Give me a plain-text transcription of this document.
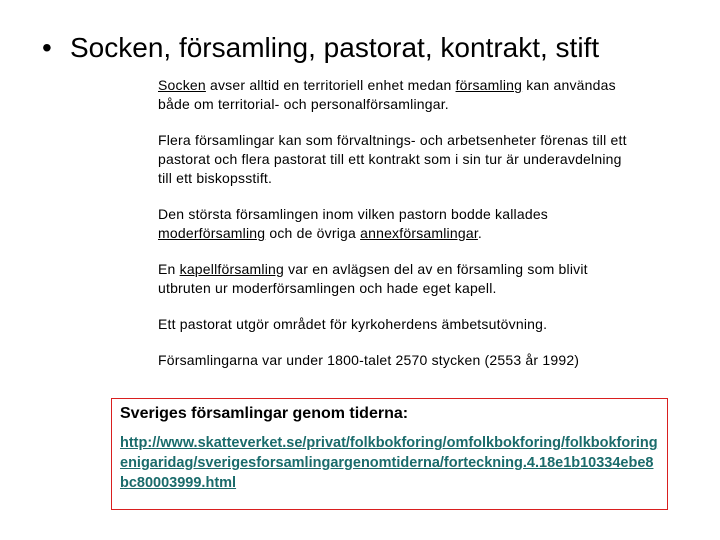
• Socken, församling, pastorat, kontrakt, stift

Socken avser alltid en territoriell enhet medan församling kan användas både om territorial- och personalförsamlingar.

Flera församlingar kan som förvaltnings- och arbetsenheter förenas till ett pastorat och flera pastorat till ett kontrakt som i sin tur är underavdelning till ett biskopsstift.

Den största församlingen inom vilken pastorn bodde kallades moderförsamling och de övriga annexförsamlingar.

En kapellförsamling var en avlägsen del av en församling som blivit utbruten ur moderförsamlingen och hade eget kapell.

Ett pastorat utgör området för kyrkoherdens ämbetsutövning.

Församlingarna var under 1800-talet 2570 stycken (2553 år 1992)

Sveriges församlingar genom tiderna:
http://www.skatteverket.se/privat/folkbokforing/omfolkbokforing/folkbokforingenigaridag/sverigesforsamlingargenomtiderna/forteckning.4.18e1b10334ebe8bc80003999.html
